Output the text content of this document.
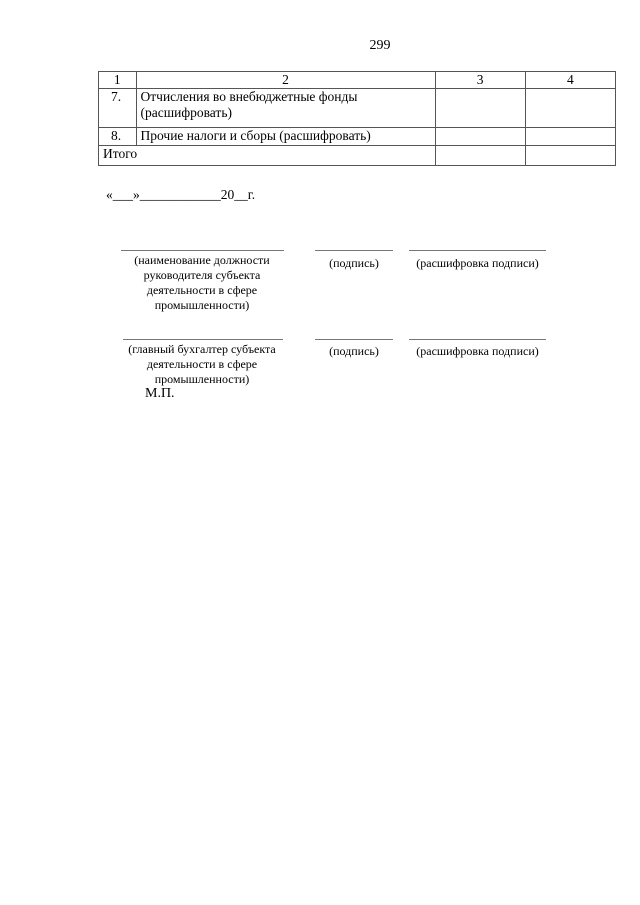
299
1	2	3	4
7.	Отчисления во внебюджетные фонды (расшифровать)		
8.	Прочие налоги и сборы (расшифровать)		
Итого			
«___»____________20__г.
(наименование должности руководителя субъекта деятельности в сфере промышленности)
(подпись)	(расшифровка подписи)
(главный бухгалтер субъекта деятельности в сфере промышленности)
(подпись)	(расшифровка подписи)
М.П.
